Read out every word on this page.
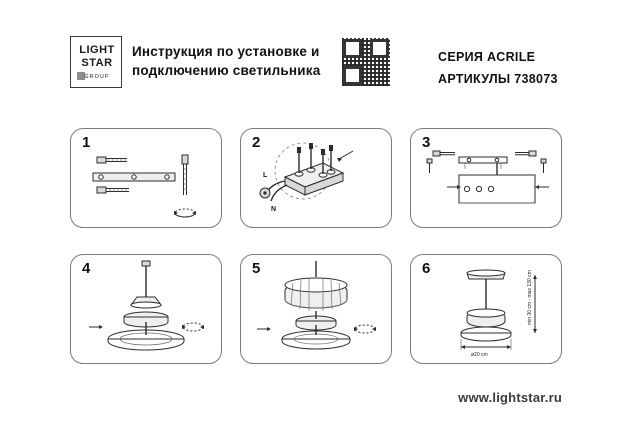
LIGHT
STAR
GROUP
Инструкция по установке и
подключению светильника
СЕРИЯ ACRILE
АРТИКУЛЫ 738073
1	2
L
N
3
4	5	6
ø20 cm
min 30 cm - max 130 cm
www.lightstar.ru
